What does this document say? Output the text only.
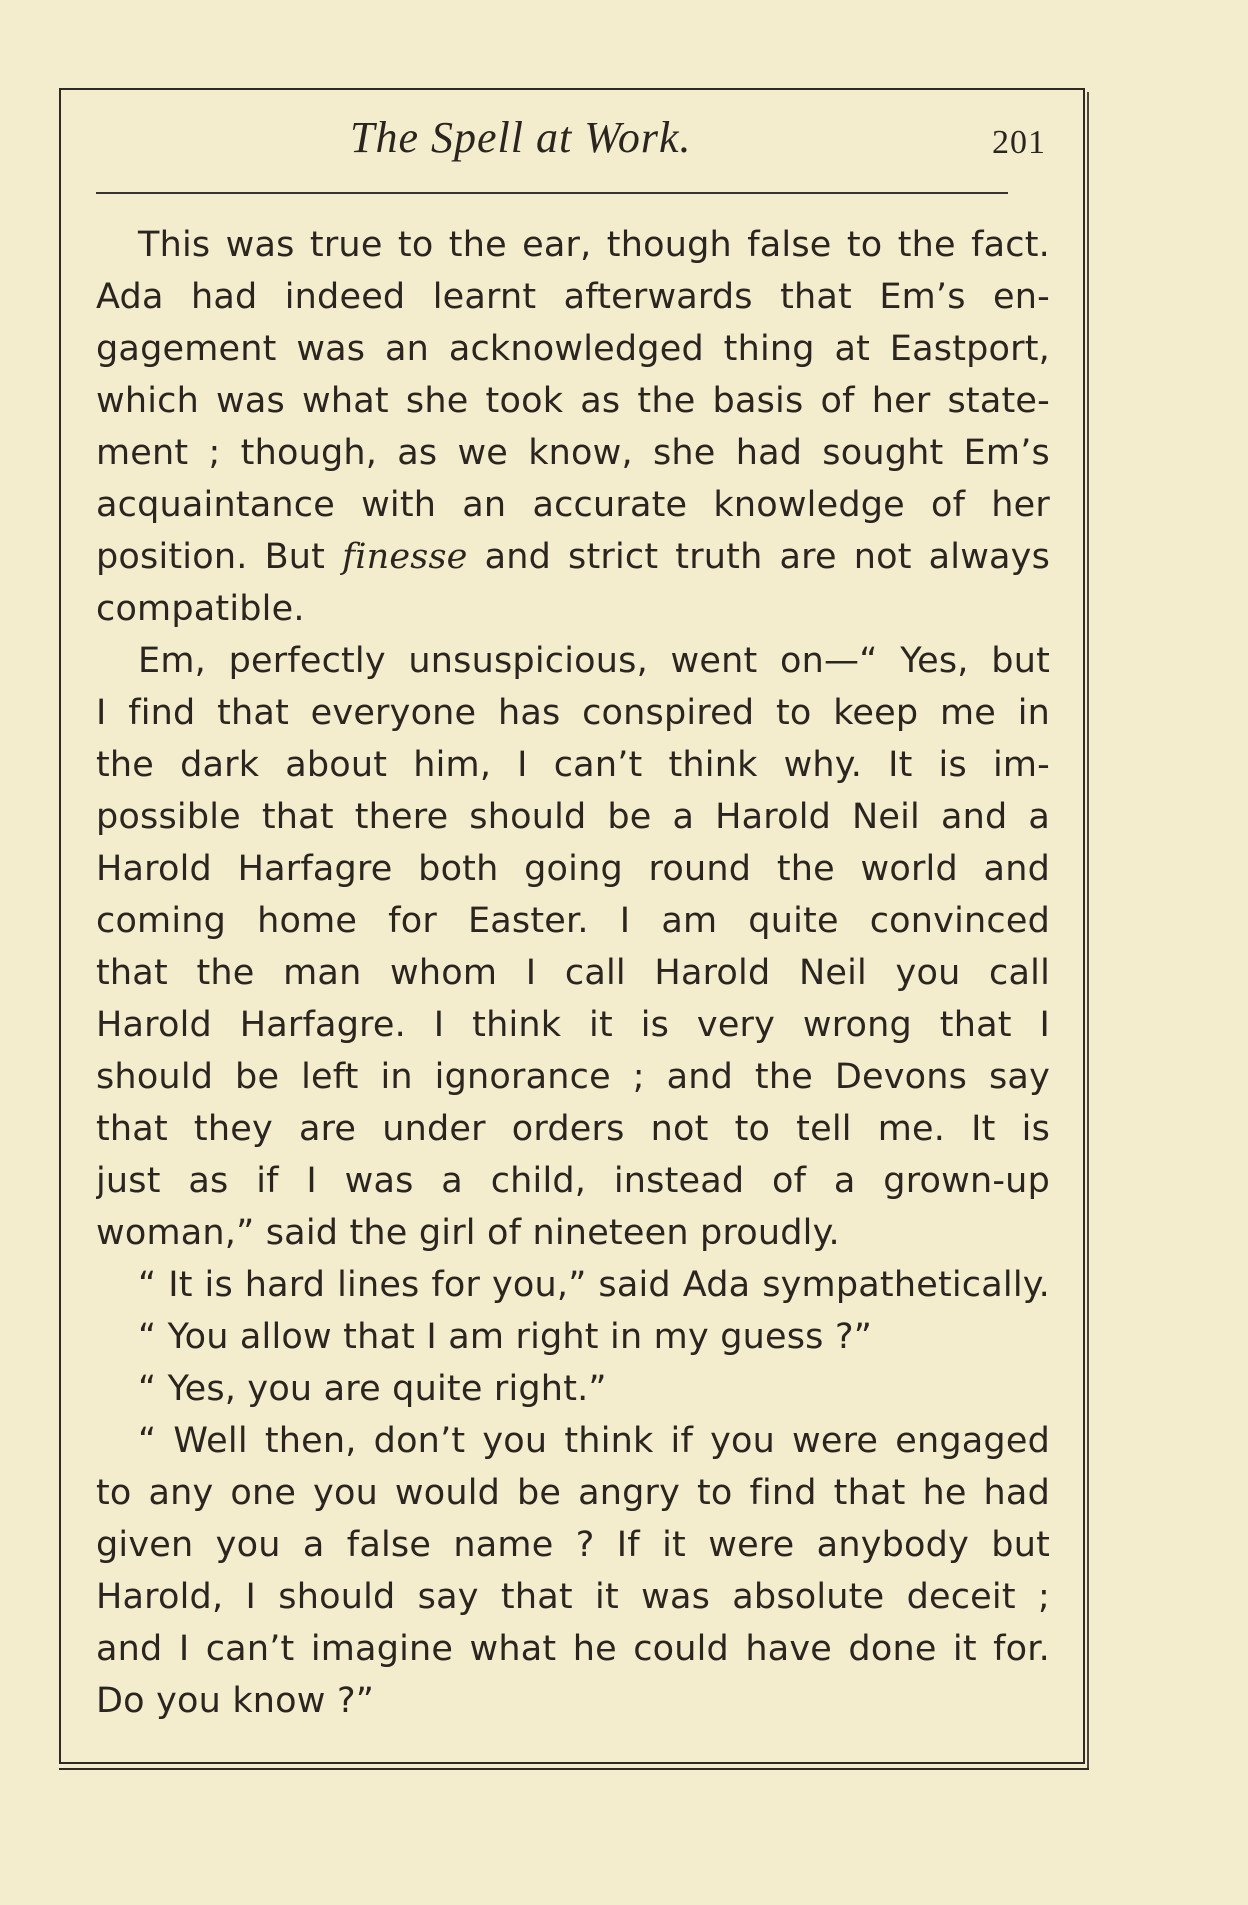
The Spell at Work.	201
This was true to the ear, though false to the fact.
Ada had indeed learnt afterwards that Em’s en-
gagement was an acknowledged thing at Eastport,
which was what she took as the basis of her state-
ment ; though, as we know, she had sought Em’s
acquaintance with an accurate knowledge of her
position. But finesse and strict truth are not always
compatible.
Em, perfectly unsuspicious, went on—“ Yes, but
I find that everyone has conspired to keep me in
the dark about him, I can’t think why. It is im-
possible that there should be a Harold Neil and a
Harold Harfagre both going round the world and
coming home for Easter. I am quite convinced
that the man whom I call Harold Neil you call
Harold Harfagre. I think it is very wrong that I
should be left in ignorance ; and the Devons say
that they are under orders not to tell me. It is
just as if I was a child, instead of a grown-up
woman,” said the girl of nineteen proudly.
“ It is hard lines for you,” said Ada sympathetically.
“ You allow that I am right in my guess ?”
“ Yes, you are quite right.”
“ Well then, don’t you think if you were engaged
to any one you would be angry to find that he had
given you a false name ? If it were anybody but
Harold, I should say that it was absolute deceit ;
and I can’t imagine what he could have done it for.
Do you know ?”
